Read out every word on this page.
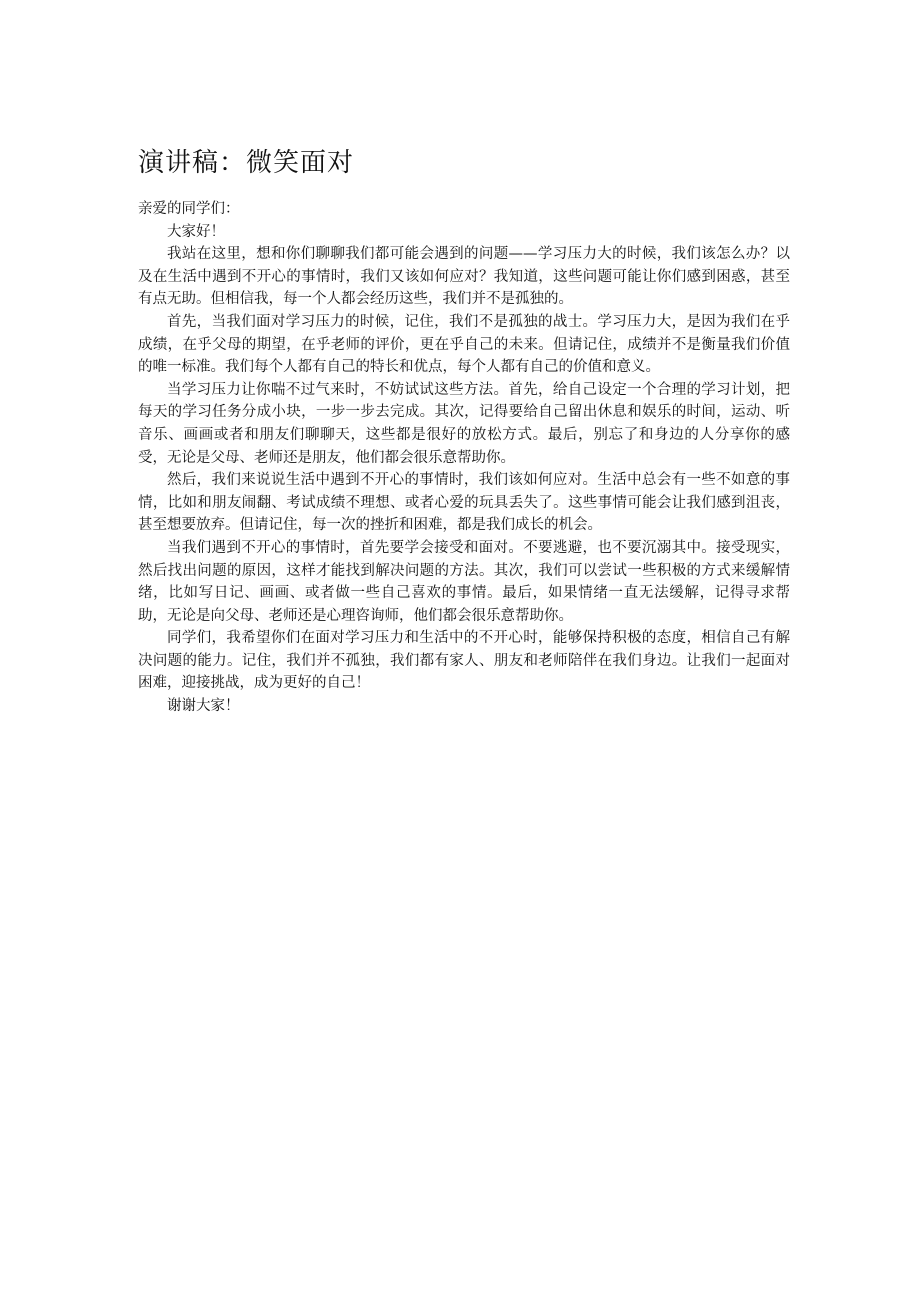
演讲稿：微笑面对

亲爱的同学们：

大家好！

我站在这里，想和你们聊聊我们都可能会遇到的问题——学习压力大的时候，我们该怎么办？以及在生活中遇到不开心的事情时，我们又该如何应对？我知道，这些问题可能让你们感到困惑，甚至有点无助。但相信我，每一个人都会经历这些，我们并不是孤独的。

首先，当我们面对学习压力的时候，记住，我们不是孤独的战士。学习压力大，是因为我们在乎成绩，在乎父母的期望，在乎老师的评价，更在乎自己的未来。但请记住，成绩并不是衡量我们价值的唯一标准。我们每个人都有自己的特长和优点，每个人都有自己的价值和意义。

当学习压力让你喘不过气来时，不妨试试这些方法。首先，给自己设定一个合理的学习计划，把每天的学习任务分成小块，一步一步去完成。其次，记得要给自己留出休息和娱乐的时间，运动、听音乐、画画或者和朋友们聊聊天，这些都是很好的放松方式。最后，别忘了和身边的人分享你的感受，无论是父母、老师还是朋友，他们都会很乐意帮助你。

然后，我们来说说生活中遇到不开心的事情时，我们该如何应对。生活中总会有一些不如意的事情，比如和朋友闹翻、考试成绩不理想、或者心爱的玩具丢失了。这些事情可能会让我们感到沮丧，甚至想要放弃。但请记住，每一次的挫折和困难，都是我们成长的机会。

当我们遇到不开心的事情时，首先要学会接受和面对。不要逃避，也不要沉溺其中。接受现实，然后找出问题的原因，这样才能找到解决问题的方法。其次，我们可以尝试一些积极的方式来缓解情绪，比如写日记、画画、或者做一些自己喜欢的事情。最后，如果情绪一直无法缓解，记得寻求帮助，无论是向父母、老师还是心理咨询师，他们都会很乐意帮助你。

同学们，我希望你们在面对学习压力和生活中的不开心时，能够保持积极的态度，相信自己有解决问题的能力。记住，我们并不孤独，我们都有家人、朋友和老师陪伴在我们身边。让我们一起面对困难，迎接挑战，成为更好的自己！

谢谢大家！
